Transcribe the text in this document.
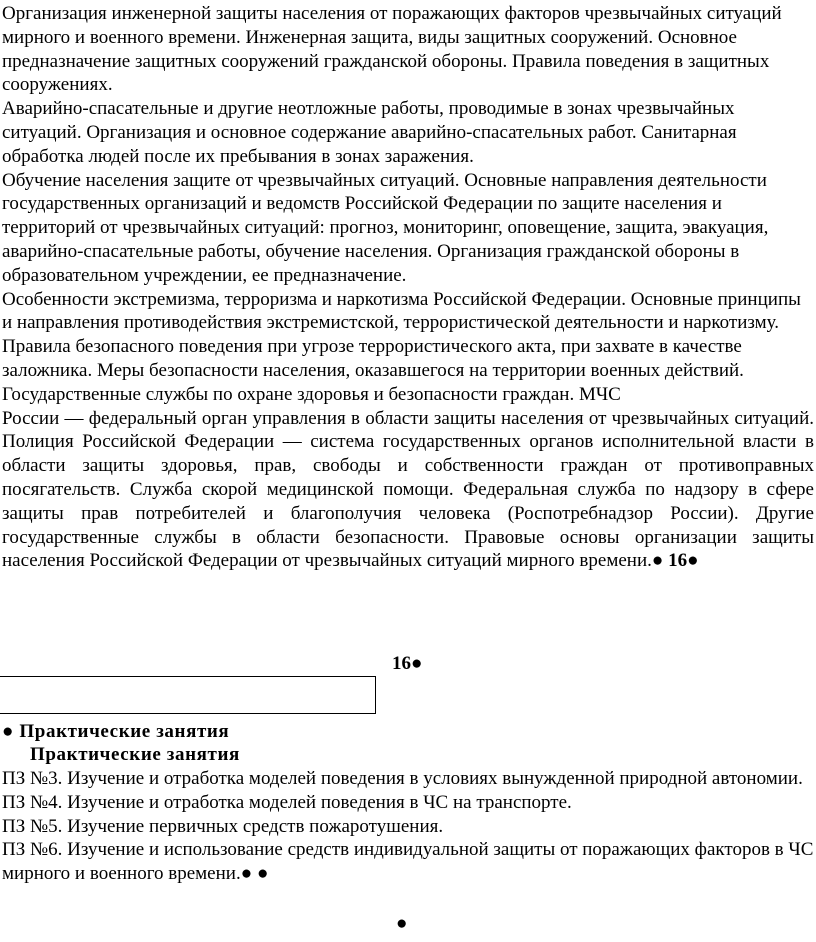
Организация инженерной защиты населения от поражающих факторов чрезвычайных ситуаций мирного и военного времени. Инженерная защита, виды защитных сооружений. Основное предназначение защитных сооружений гражданской обороны. Правила поведения в защитных сооружениях.

Аварийно-спасательные и другие неотложные работы, проводимые в зонах чрезвычайных ситуаций. Организация и основное содержание аварийно-спасательных работ. Санитарная обработка людей после их пребывания в зонах заражения.

Обучение населения защите от чрезвычайных ситуаций. Основные направления деятельности государственных организаций и ведомств Российской Федерации по защите населения и территорий от чрезвычайных ситуаций: прогноз, мониторинг, оповещение, защита, эвакуация, аварийно-спасательные работы, обучение населения. Организация гражданской обороны в образовательном учреждении, ее предназначение.

Особенности экстремизма, терроризма и наркотизма Российской Федерации. Основные принципы и направления противодействия экстремистской, террористической деятельности и наркотизму.

Правила безопасного поведения при угрозе террористического акта, при захвате в качестве заложника. Меры безопасности населения, оказавшегося на территории военных действий.

Государственные службы по охране здоровья и безопасности граждан. МЧС

России — федеральный орган управления в области защиты населения от чрезвычайных ситуаций. Полиция Российской Федерации — система государственных органов исполнительной власти в области защиты здоровья, прав, свободы и собственности граждан от противоправных посягательств. Служба скорой медицинской помощи. Федеральная служба по надзору в сфере защиты прав потребителей и благополучия человека (Роспотребнадзор России). Другие государственные службы в области безопасности. Правовые основы организации защиты населения Российской Федерации от чрезвычайных ситуаций мирного времени.● 16●

16●
● Практические занятия
Практические занятия

ПЗ №3. Изучение и отработка моделей поведения в условиях вынужденной природной автономии.

ПЗ №4. Изучение и отработка моделей поведения в ЧС на транспорте.

ПЗ №5. Изучение первичных средств пожаротушения.

ПЗ №6. Изучение и использование средств индивидуальной защиты от поражающих факторов в ЧС мирного и военного времени.● ●

●
